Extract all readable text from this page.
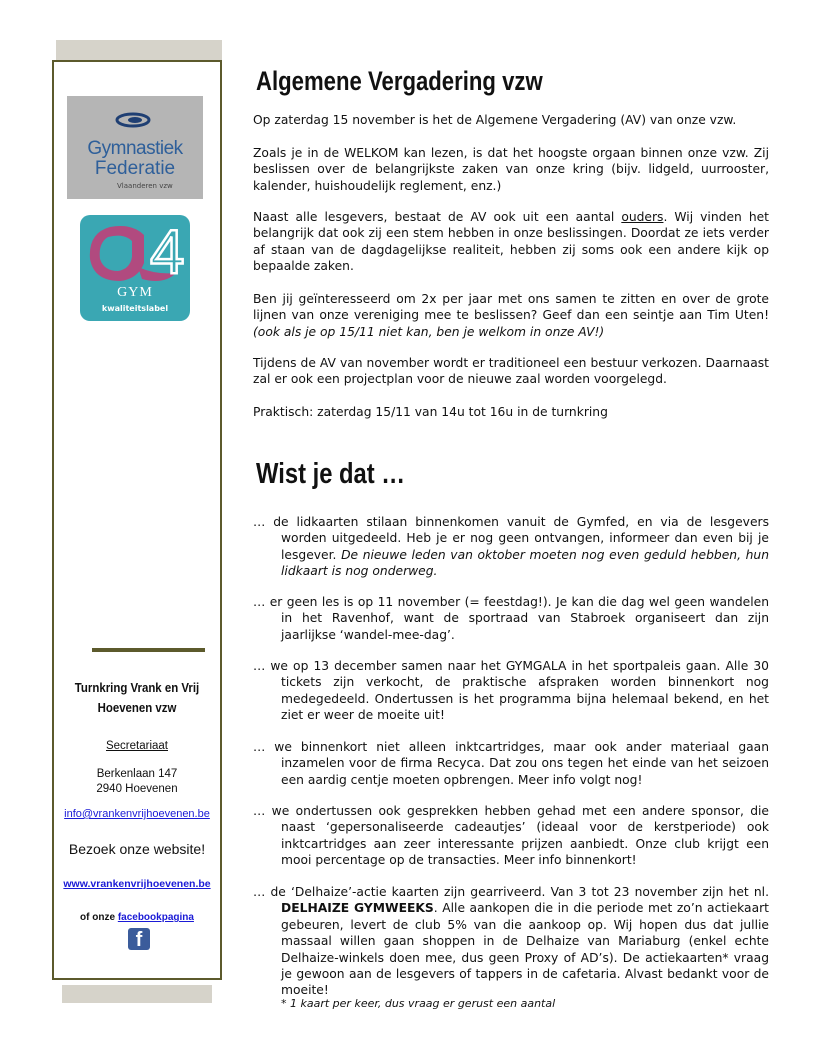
Gymnastiek
Federatie
Vlaanderen vzw
4
GYM
kwaliteitslabel
Turnkring Vrank en Vrij
Hoevenen vzw
Secretariaat
Berkenlaan 147
2940 Hoevenen
info@vrankenvrijhoevenen.be
Bezoek onze website!
www.vrankenvrijhoevenen.be
of onze facebookpagina
f
Algemene Vergadering vzw
Op zaterdag 15 november is het de Algemene Vergadering (AV) van onze vzw.
Zoals je in de WELKOM kan lezen, is dat het hoogste orgaan binnen onze vzw. Zij beslissen over de belangrijkste zaken van onze kring (bijv. lidgeld, uurrooster, kalender, huishoudelijk reglement, enz.)
Naast alle lesgevers, bestaat de AV ook uit een aantal ouders. Wij vinden het belangrijk dat ook zij een stem hebben in onze beslissingen. Doordat ze iets verder af staan van de dagdagelijkse realiteit, hebben zij soms ook een andere kijk op bepaalde zaken.
Ben jij geïnteresseerd om 2x per jaar met ons samen te zitten en over de grote lijnen van onze vereniging mee te beslissen? Geef dan een seintje aan Tim Uten! (ook als je op 15/11 niet kan, ben je welkom in onze AV!)
Tijdens de AV van november wordt er traditioneel een bestuur verkozen. Daarnaast zal er ook een projectplan voor de nieuwe zaal worden voorgelegd.
Praktisch: zaterdag 15/11 van 14u tot 16u in de turnkring
Wist je dat …
… de lidkaarten stilaan binnenkomen vanuit de Gymfed, en via de lesgevers worden uitgedeeld. Heb je er nog geen ontvangen, informeer dan even bij je lesgever. De nieuwe leden van oktober moeten nog even geduld hebben, hun lidkaart is nog onderweg.
… er geen les is op 11 november (= feestdag!). Je kan die dag wel geen wandelen in het Ravenhof, want de sportraad van Stabroek organiseert dan zijn jaarlijkse ‘wandel-mee-dag’.
… we op 13 december samen naar het GYMGALA in het sportpaleis gaan. Alle 30 tickets zijn verkocht, de praktische afspraken worden binnenkort nog medegedeeld. Ondertussen is het programma bijna helemaal bekend, en het ziet er weer de moeite uit!
… we binnenkort niet alleen inktcartridges, maar ook ander materiaal gaan inzamelen voor de firma Recyca. Dat zou ons tegen het einde van het seizoen een aardig centje moeten opbrengen. Meer info volgt nog!
… we ondertussen ook gesprekken hebben gehad met een andere sponsor, die naast ‘gepersonaliseerde cadeautjes’ (ideaal voor de kerstperiode) ook inktcartridges aan zeer interessante prijzen aanbiedt. Onze club krijgt een mooi percentage op de transacties. Meer info binnenkort!
… de ‘Delhaize’-actie kaarten zijn gearriveerd. Van 3 tot 23 november zijn het nl. DELHAIZE GYMWEEKS. Alle aankopen die in die periode met zo’n actiekaart gebeuren, levert de club 5% van die aankoop op. Wij hopen dus dat jullie massaal willen gaan shoppen in de Delhaize van Mariaburg (enkel echte Delhaize-winkels doen mee, dus geen Proxy of AD’s). De actiekaarten* vraag je gewoon aan de lesgevers of tappers in de cafetaria. Alvast bedankt voor de moeite!
* 1 kaart per keer, dus vraag er gerust een aantal
